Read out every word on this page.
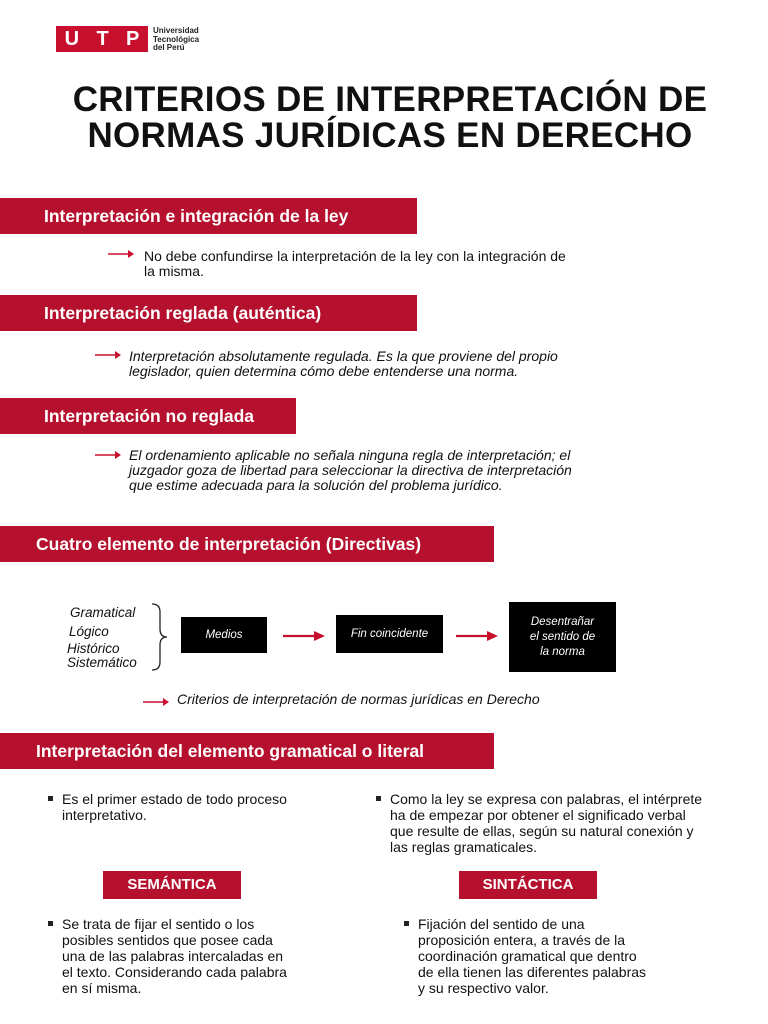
U T P Universidad
Tecnológica
del Perú
CRITERIOS DE INTERPRETACIÓN DE
NORMAS JURÍDICAS EN DERECHO
Interpretación e integración de la ley
No debe confundirse la interpretación de la ley con la integración de
la misma.
Interpretación reglada (auténtica)
Interpretación absolutamente regulada. Es la que proviene del propio
legislador, quien determina cómo debe entenderse una norma.
Interpretación no reglada
El ordenamiento aplicable no señala ninguna regla de interpretación; el
juzgador goza de libertad para seleccionar la directiva de interpretación
que estime adecuada para la solución del problema jurídico.
Cuatro elemento de interpretación (Directivas)
Gramatical
Lógico
Histórico
Sistemático
Medios	Fin coincidente
Desentrañar
el sentido de
la norma
Criterios de interpretación de normas jurídicas en Derecho
Interpretación del elemento gramatical o literal
Es el primer estado de todo proceso
interpretativo.
Como la ley se expresa con palabras, el intérprete
ha de empezar por obtener el significado verbal
que resulte de ellas, según su natural conexión y
las reglas gramaticales.
SEMÁNTICA	SINTÁCTICA
Se trata de fijar el sentido o los
posibles sentidos que posee cada
una de las palabras intercaladas en
el texto. Considerando cada palabra
en sí misma.
Fijación del sentido de una
proposición entera, a través de la
coordinación gramatical que dentro
de ella tienen las diferentes palabras
y su respectivo valor.
